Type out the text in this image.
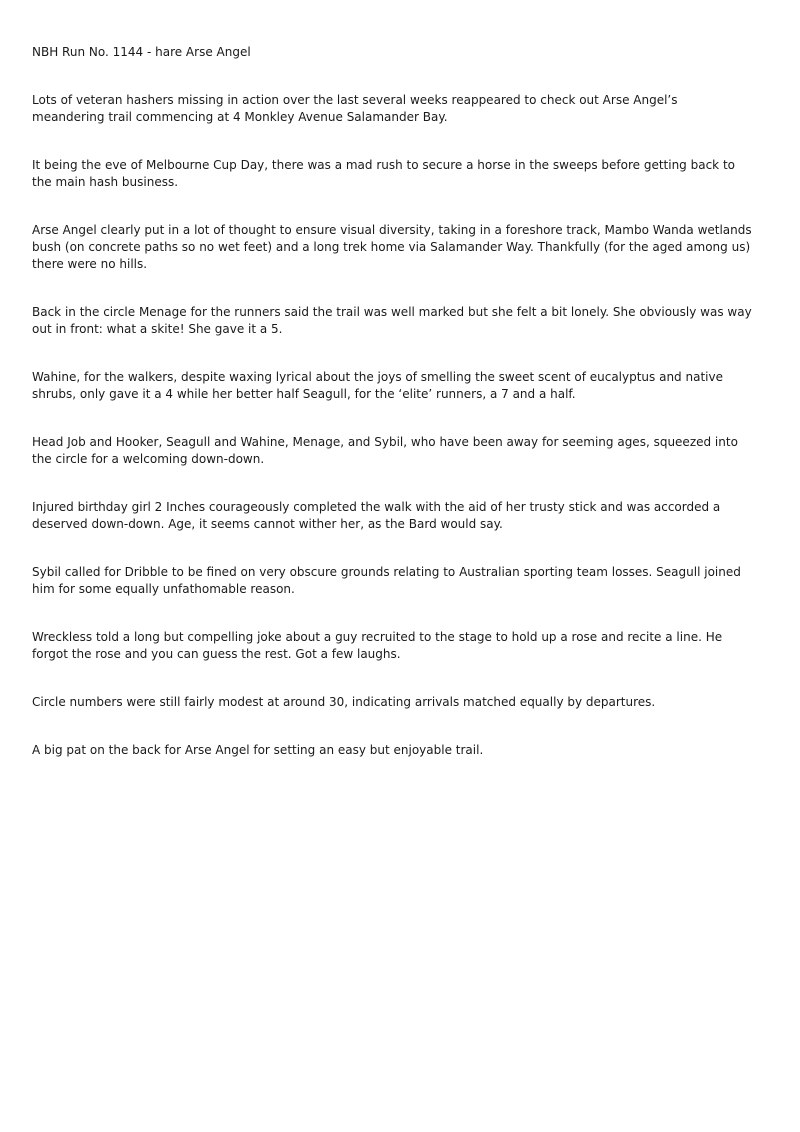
NBH Run No. 1144 - hare Arse Angel

Lots of veteran hashers missing in action over the last several weeks reappeared to check out Arse Angel’s meandering trail commencing at 4 Monkley Avenue Salamander Bay.

It being the eve of Melbourne Cup Day, there was a mad rush to secure a horse in the sweeps before getting back to the main hash business.

Arse Angel clearly put in a lot of thought to ensure visual diversity, taking in a foreshore track, Mambo Wanda wetlands bush (on concrete paths so no wet feet) and a long trek home via Salamander Way. Thankfully (for the aged among us) there were no hills.

Back in the circle Menage for the runners said the trail was well marked but she felt a bit lonely. She obviously was way out in front: what a skite! She gave it a 5.

Wahine, for the walkers, despite waxing lyrical about the joys of smelling the sweet scent of eucalyptus and native shrubs, only gave it a 4 while her better half Seagull, for the ‘elite’ runners, a 7 and a half.

Head Job and Hooker, Seagull and Wahine, Menage, and Sybil, who have been away for seeming ages, squeezed into the circle for a welcoming down-down.

Injured birthday girl 2 Inches courageously completed the walk with the aid of her trusty stick and was accorded a deserved down-down. Age, it seems cannot wither her, as the Bard would say.

Sybil called for Dribble to be fined on very obscure grounds relating to Australian sporting team losses. Seagull joined him for some equally unfathomable reason.

Wreckless told a long but compelling joke about a guy recruited to the stage to hold up a rose and recite a line. He forgot the rose and you can guess the rest. Got a few laughs.

Circle numbers were still fairly modest at around 30, indicating arrivals matched equally by departures.

A big pat on the back for Arse Angel for setting an easy but enjoyable trail.
